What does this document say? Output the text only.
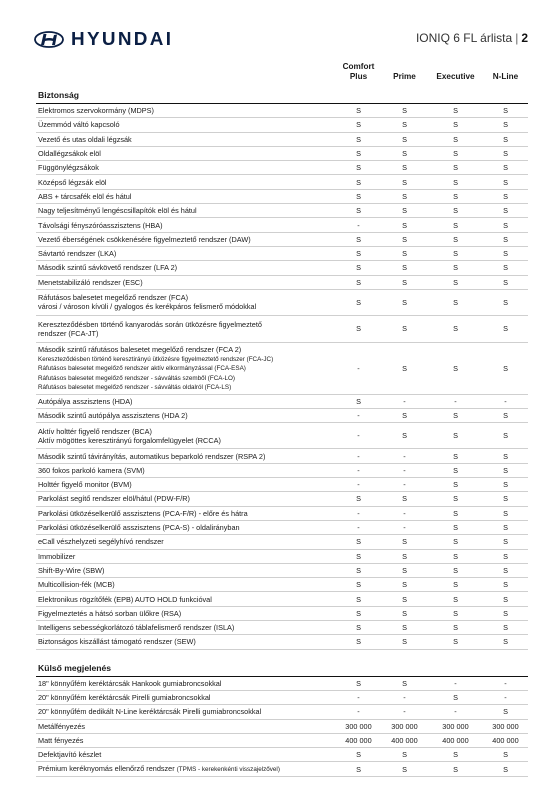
HYUNDAI	IONIQ 6 FL árlista | 2
	Comfort Plus	Prime	Executive	N-Line
Biztonság				
Elektromos szervokormány (MDPS)	S	S	S	S
Üzemmód váltó kapcsoló	S	S	S	S
Vezető és utas oldali légzsák	S	S	S	S
Oldallégzsákok elöl	S	S	S	S
Függönylégzsákok	S	S	S	S
Középső légzsák elöl	S	S	S	S
ABS + tárcsafék elöl és hátul	S	S	S	S
Nagy teljesítményű lengéscsillapítók elöl és hátul	S	S	S	S
Távolsági fényszóróasszisztens (HBA)	-	S	S	S
Vezető éberségének csökkenésére figyelmeztető rendszer (DAW)	S	S	S	S
Sávtartó rendszer (LKA)	S	S	S	S
Második szintű sávkövető rendszer (LFA 2)	S	S	S	S
Menetstabilizáló rendszer (ESC)	S	S	S	S
Ráfutásos balesetet megelőző rendszer (FCA)
városi / városon kívüli / gyalogos és kerékpáros felismerő módokkal	S	S	S	S
Kereszteződésben történő kanyarodás során ütközésre figyelmeztető
rendszer (FCA-JT)	S	S	S	S
Második szintű ráfutásos balesetet megelőző rendszer (FCA 2)
Kereszteződésben történő keresztirányú ütközésre figyelmeztető rendszer (FCA-JC)
Ráfutásos balesetet megelőző rendszer aktív elkormányzással (FCA-ESA)
Ráfutásos balesetet megelőző rendszer - sávváltás szemből (FCA-LO)
Ráfutásos balesetet megelőző rendszer - sávváltás oldalról (FCA-LS)	-	S	S	S
Autópálya asszisztens (HDA)	S	-	-	-
Második szintű autópálya asszisztens (HDA 2)	-	S	S	S
Aktív holttér figyelő rendszer (BCA)
Aktív mögöttes keresztirányú forgalomfelügyelet (RCCA)	-	S	S	S
Második szintű távirányítás, automatikus beparkoló rendszer (RSPA 2)	-	-	S	S
360 fokos parkoló kamera (SVM)	-	-	S	S
Holttér figyelő monitor (BVM)	-	-	S	S
Parkolást segítő rendszer elöl/hátul (PDW-F/R)	S	S	S	S
Parkolási ütközéselkerülő asszisztens (PCA-F/R) - előre és hátra	-	-	S	S
Parkolási ütközéselkerülő asszisztens (PCA-S) - oldalirányban	-	-	S	S
eCall vészhelyzeti segélyhívó rendszer	S	S	S	S
Immobilizer	S	S	S	S
Shift-By-Wire (SBW)	S	S	S	S
Multicollision-fék (MCB)	S	S	S	S
Elektronikus rögzítőfék (EPB) AUTO HOLD funkcióval	S	S	S	S
Figyelmeztetés a hátsó sorban ülőkre (RSA)	S	S	S	S
Intelligens sebességkorlátozó táblafelismerő rendszer (ISLA)	S	S	S	S
Biztonságos kiszállást támogató rendszer (SEW)	S	S	S	S

Külső megjelenés				
18" könnyűfém keréktárcsák Hankook gumiabroncsokkal	S	S	-	-
20" könnyűfém keréktárcsák Pirelli gumiabroncsokkal	-	-	S	-
20" könnyűfém dedikált N-Line keréktárcsák Pirelli gumiabroncsokkal	-	-	-	S
Metálfényezés	300 000	300 000	300 000	300 000
Matt fényezés	400 000	400 000	400 000	400 000
Defektjavító készlet	S	S	S	S
Prémium keréknyomás ellenőrző rendszer (TPMS - kerekenkénti visszajelzővel)	S	S	S	S
